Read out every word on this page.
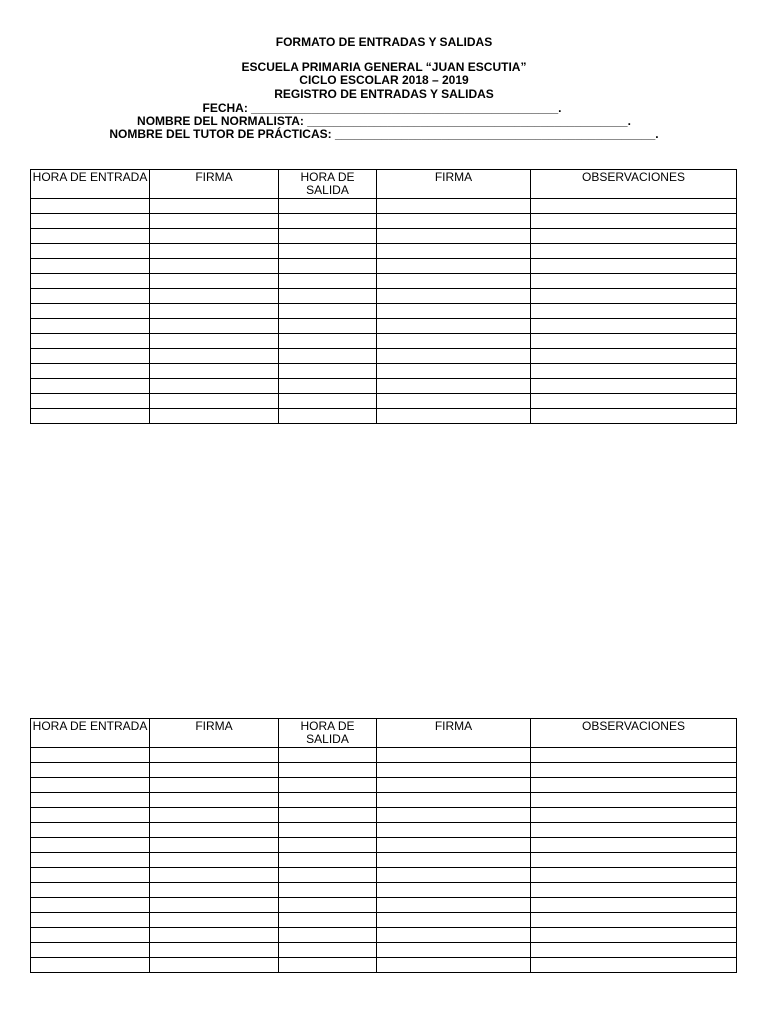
FORMATO DE ENTRADAS Y SALIDAS
ESCUELA PRIMARIA GENERAL “JUAN ESCUTIA”
CICLO ESCOLAR 2018 – 2019
REGISTRO DE ENTRADAS Y SALIDAS
FECHA: ______________________________________________.
NOMBRE DEL NORMALISTA: ________________________________________________.
NOMBRE DEL TUTOR DE PRÁCTICAS: ________________________________________________.
HORA DE ENTRADA	FIRMA	HORA DE SALIDA	FIRMA	OBSERVACIONES

HORA DE ENTRADA	FIRMA	HORA DE SALIDA	FIRMA	OBSERVACIONES
